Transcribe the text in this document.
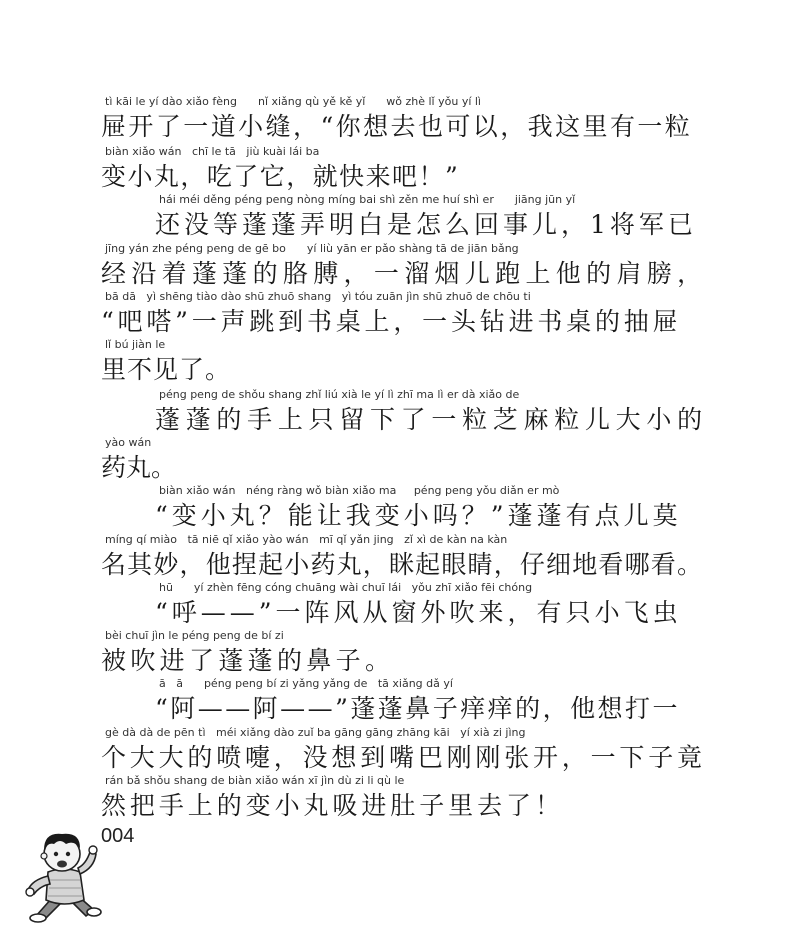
tì kāi le yí dào xiǎo fèng      nǐ xiǎng qù yě kě yǐ      wǒ zhè lǐ yǒu yí lì
屉开了一道小缝，“你想去也可以，我这里有一粒
biàn xiǎo wán   chī le tā   jiù kuài lái ba
变小丸，吃了它，就快来吧！”
hái méi děng péng peng nòng míng bai shì zěn me huí shì er      jiāng jūn yǐ
还没等蓬蓬弄明白是怎么回事儿，1将军已
jīng yán zhe péng peng de gē bo      yí liù yān er pǎo shàng tā de jiān bǎng
经沿着蓬蓬的胳膊，一溜烟儿跑上他的肩膀，
bā dā   yì shēng tiào dào shū zhuō shang   yì tóu zuān jìn shū zhuō de chōu ti
“吧嗒”一声跳到书桌上，一头钻进书桌的抽屉
lǐ bú jiàn le
里不见了。
péng peng de shǒu shang zhǐ liú xià le yí lì zhī ma lì er dà xiǎo de
蓬蓬的手上只留下了一粒芝麻粒儿大小的
yào wán
药丸。
biàn xiǎo wán   néng ràng wǒ biàn xiǎo ma     péng peng yǒu diǎn er mò
“变小丸？能让我变小吗？”蓬蓬有点儿莫
míng qí miào   tā niē qǐ xiǎo yào wán   mī qǐ yǎn jing   zǐ xì de kàn na kàn
名其妙，他捏起小药丸，眯起眼睛，仔细地看哪看。
hū      yí zhèn fēng cóng chuāng wài chuī lái   yǒu zhī xiǎo fēi chóng
“呼——”一阵风从窗外吹来，有只小飞虫
bèi chuī jìn le péng peng de bí zi
被吹进了蓬蓬的鼻子。
ā   ā      péng peng bí zi yǎng yǎng de   tā xiǎng dǎ yí
“阿——阿——”蓬蓬鼻子痒痒的，他想打一
gè dà dà de pēn tì   méi xiǎng dào zuǐ ba gāng gāng zhāng kāi   yí xià zi jìng
个大大的喷嚏，没想到嘴巴刚刚张开，一下子竟
rán bǎ shǒu shang de biàn xiǎo wán xī jìn dù zi li qù le
然把手上的变小丸吸进肚子里去了！
004
